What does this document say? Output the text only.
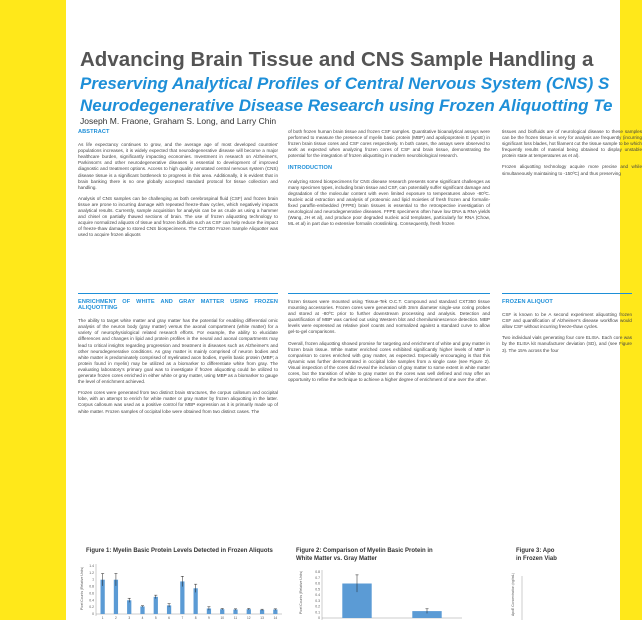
Advancing Brain Tissue and CNS Sample Handling a
Preserving Analytical Profiles of Central Nervous System (CNS) S
Neurodegenerative Disease Research using Frozen Aliquotting Te
Joseph M. Fraone, Graham S. Long, and Larry Chin
ABSTRACT

As life expectancy continues to grow, and the average age of most developed countries' populations increases, it is widely expected that neurodegenerative disease will become a major healthcare burden, significantly impacting economies. Investment in research on Alzheimer's, Parkinson's and other neurodegenerative diseases is essential to development of improved diagnostic and treatment options. Access to high quality annotated central nervous system (CNS) disease tissue is a significant bottleneck to progress in this area. Additionally, it is evident that in brain banking there is no one globally accepted standard protocol for tissue collection and handling.

Analysis of CNS samples can be challenging as both cerebrospinal fluid (CSF) and frozen brain tissue are prone to incurring damage with repeated freeze-thaw cycles, which negatively impacts analytical results. Currently, sample acquisition for analysis can be as crude as using a hammer and chisel on partially thawed sections of brain. The use of frozen aliquotting technology to acquire normalized aliquots of tissue and frozen biofluids such as CSF can help reduce the impact of freeze-thaw damage to stored CNS biospecimens. The CXT350 Frozen Sample Aliquotter was used to acquire frozen aliquots

of both frozen human brain tissue and frozen CSF samples. Quantitative bioanalytical assays were performed to measure the presence of myelin basic protein (MBP) and apolipoprotein E (ApoE) in frozen brain tissue cores and CSF cores respectively. In both cases, the assays were observed to work as expected when analyzing frozen cores of CSF and brain tissue, demonstrating the potential for the integration of frozen aliquotting in modern neurobiological research.

INTRODUCTION

Analyzing stored biospecimens for CNS disease research presents some significant challenges as many specimen types, including brain tissue and CSF, can potentially suffer significant damage and degradation of the molecular content with even limited exposure to temperatures above -80ºC. Nucleic acid extraction and analysis of proteomic and lipid moieties of fresh frozen and formalin-fixed paraffin-embedded (FFPE) brain tissues is essential to the retrospective investigation of neurological and neurodegenerative diseases. FFPE specimens often have low DNA & RNA yields (Wang, JH et al), and produce poor degraded nucleic acid templates, particularly for RNA (Chow, ML et al) in part due to extensive formalin crosslinking. Consequently, fresh frozen

tissues and biofluids are of neurological disease to these samples can be the frozen tissue is very for analysis are frequently (incurring significant loss blades, hot filament cut the tissue sample to be which frequently results of material being obtained to display unstable protein state at temperatures as et al).

Frozen aliquotting technology acquire more precise and while simultaneously maintaining to -150ºC) and thus preserving

ENRICHMENT OF WHITE AND GRAY MATTER USING FROZEN ALIQUOTTING

The ability to target white matter and gray matter has the potential for enabling differential omic analysis of the neuron body (gray matter) versus the axonal compartment (white matter) for a variety of neurophysiological related research efforts. For example, the ability to elucidate differences and changes in lipid and protein profiles in the neural and axonal compartments may lead to critical insights regarding progression and treatment in diseases such as Alzheimer's and other neurodegenerative conditions. As gray matter is mainly comprised of neuron bodies and white matter is predominately comprised of myelinated axon bodies, myelin basic protein (MBP; a protein found in myelin) may be utilized as a biomarker to differentiate white from gray. The evaluating laboratory's primary goal was to investigate if frozen aliquotting could be utilized to generate frozen cores enriched in either white or gray matter, using MBP as a biomarker to gauge the level of enrichment achieved.

Frozen cores were generated from two distinct brain structures, the corpus callosum and occipital lobe, with an attempt to enrich for white matter or gray matter by frozen aliquotting in the latter. Corpus callosum was used as a positive control for MBP expression as it is primarily made up of white matter. Frozen samples of occipital lobe were obtained from two distinct cases. The

frozen tissues were mounted using Tissue-Tek O.C.T. Compound and standard CXT350 tissue mounting accessories. Frozen cores were generated with 3mm diameter single-use coring probes and stored at -80ºC prior to further downstream processing and analysis. Detection and quantification of MBP was carried out using Western blot and chemiluminescence detection. MBP levels were expressed as relative pixel counts and normalized against a standard curve to allow gel-to-gel comparisons.

Overall, frozen aliquotting showed promise for targeting and enrichment of white and gray matter in frozen brain tissue. White matter enriched cores exhibited significantly higher levels of MBP in comparison to cores enriched with gray matter, as expected. Especially encouraging is that this dynamic was further demonstrated in occipital lobe samples from a single case (see Figure 2). Visual inspection of the cores did reveal the inclusion of gray matter to some extent in white matter cores, but the transition of white to gray matter on the cores was well defined and may offer an opportunity to refine the technique to achieve a higher degree of enrichment of one over the other.

FROZEN ALIQUOT

CSF is known to be A second experiment aliquotting frozen CSF and quantification of Alzheimer's disease workflow would allow CSF without incurring freeze-thaw cycles.

Two individual vials generating four core ELISA. Each core was by the ELISA kit manufacturer deviation (SD), and (see Figure 3). The 15% across the four

Figure 1: Myelin Basic Protein Levels Detected in Frozen Aliquots	Figure 2: Comparison of Myelin Basic Protein in
White Matter vs. Gray Matter
Figure 3: Apo
in Frozen Viab
Pixel Counts (Relative Units)
0
0.2
0.4
0.6
0.8
1
1.2
1.4
1	2	3	4	5	6	7	8	9	10	11	12	13	14
Pixel Counts (Relative Units)
0
0.1
0.2
0.3
0.4
0.5
0.6
0.7
0.8
ApoE Concentration (ng/mL)
